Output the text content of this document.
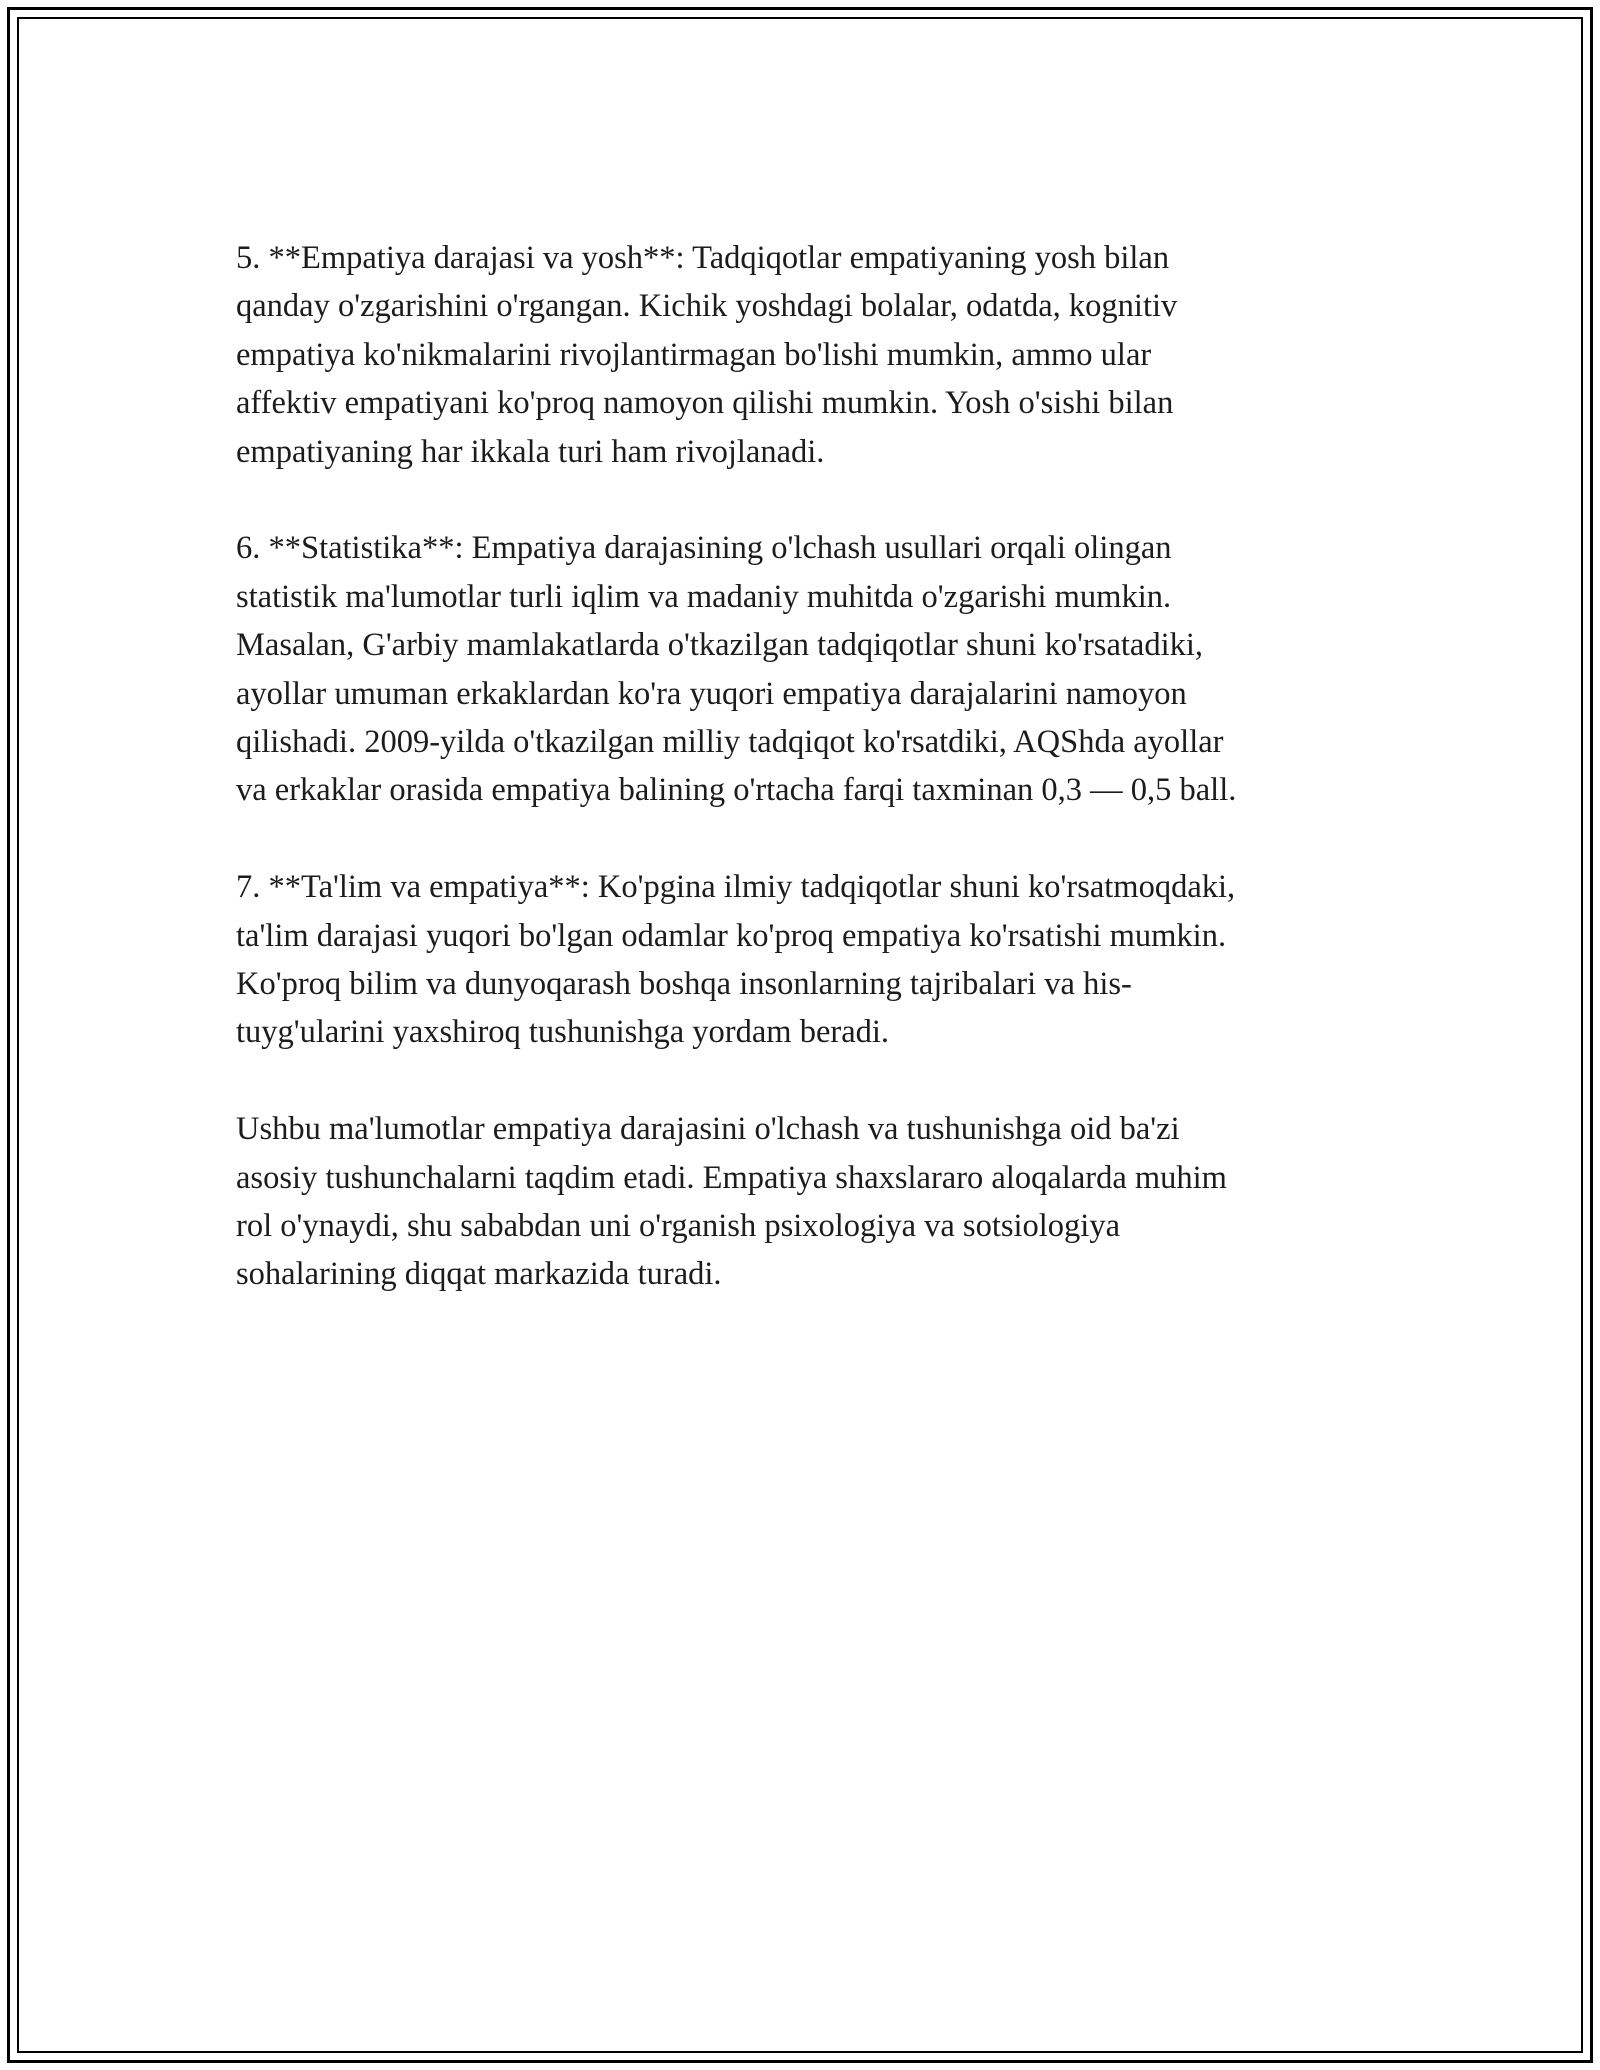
5. **Empatiya darajasi va yosh**: Tadqiqotlar empatiyaning yosh bilan
qanday o'zgarishini o'rgangan. Kichik yoshdagi bolalar, odatda, kognitiv
empatiya ko'nikmalarini rivojlantirmagan bo'lishi mumkin, ammo ular
affektiv empatiyani ko'proq namoyon qilishi mumkin. Yosh o'sishi bilan
empatiyaning har ikkala turi ham rivojlanadi.

6. **Statistika**: Empatiya darajasining o'lchash usullari orqali olingan
statistik ma'lumotlar turli iqlim va madaniy muhitda o'zgarishi mumkin.
Masalan, G'arbiy mamlakatlarda o'tkazilgan tadqiqotlar shuni ko'rsatadiki,
ayollar umuman erkaklardan ko'ra yuqori empatiya darajalarini namoyon
qilishadi. 2009-yilda o'tkazilgan milliy tadqiqot ko'rsatdiki, AQShda ayollar
va erkaklar orasida empatiya balining o'rtacha farqi taxminan 0,3 — 0,5 ball.

7. **Ta'lim va empatiya**: Ko'pgina ilmiy tadqiqotlar shuni ko'rsatmoqdaki,
ta'lim darajasi yuqori bo'lgan odamlar ko'proq empatiya ko'rsatishi mumkin.
Ko'proq bilim va dunyoqarash boshqa insonlarning tajribalari va his-
tuyg'ularini yaxshiroq tushunishga yordam beradi.

Ushbu ma'lumotlar empatiya darajasini o'lchash va tushunishga oid ba'zi
asosiy tushunchalarni taqdim etadi. Empatiya shaxslararo aloqalarda muhim
rol o'ynaydi, shu sababdan uni o'rganish psixologiya va sotsiologiya
sohalarining diqqat markazida turadi.
